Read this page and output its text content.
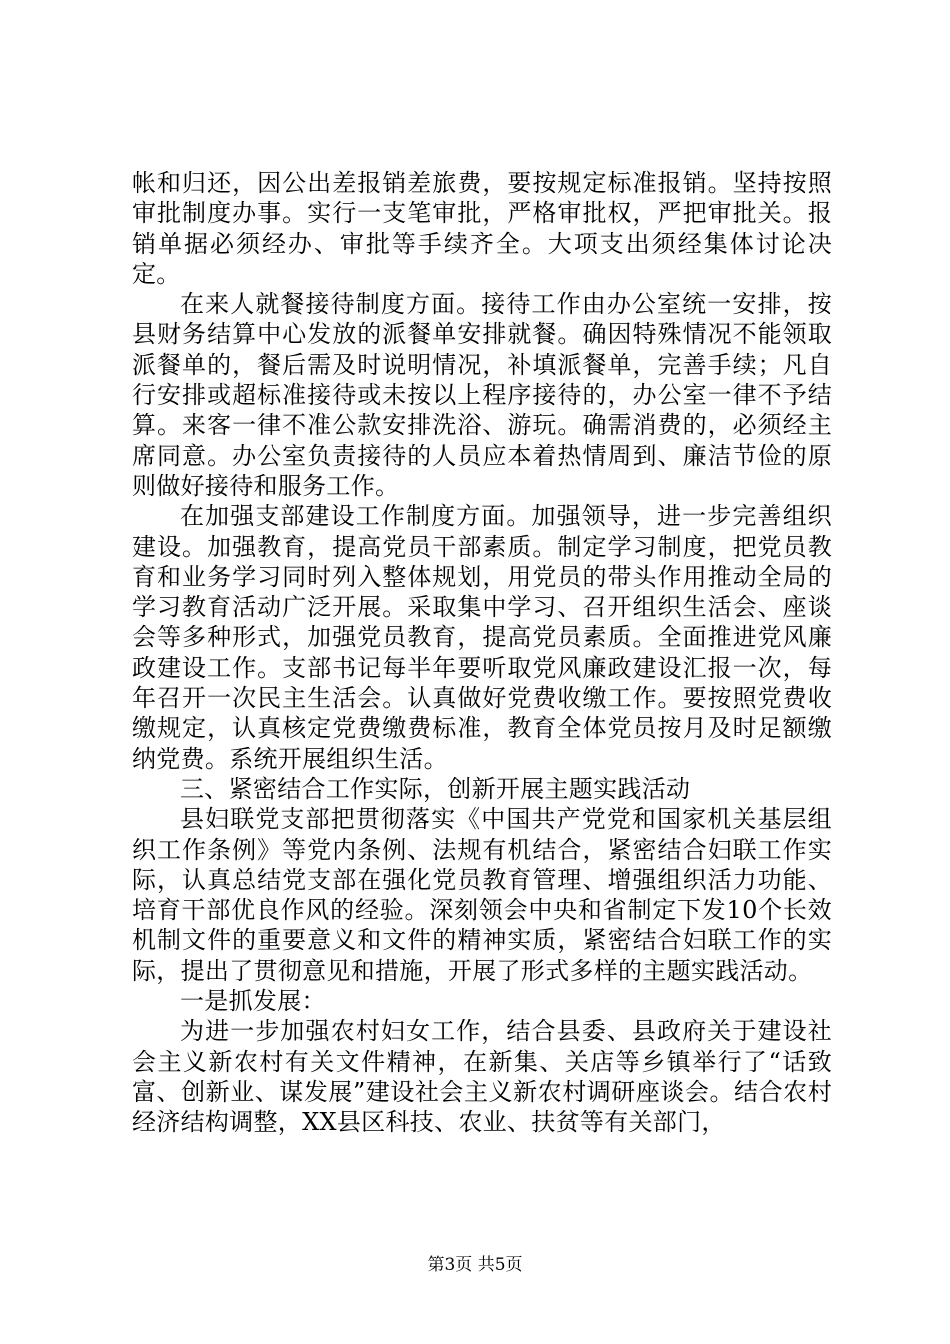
帐和归还，因公出差报销差旅费，要按规定标准报销。坚持按照审批制度办事。实行一支笔审批，严格审批权，严把审批关。报销单据必须经办、审批等手续齐全。大项支出须经集体讨论决定。

在来人就餐接待制度方面。接待工作由办公室统一安排，按县财务结算中心发放的派餐单安排就餐。确因特殊情况不能领取派餐单的，餐后需及时说明情况，补填派餐单，完善手续；凡自行安排或超标准接待或未按以上程序接待的，办公室一律不予结算。来客一律不准公款安排洗浴、游玩。确需消费的，必须经主席同意。办公室负责接待的人员应本着热情周到、廉洁节俭的原则做好接待和服务工作。

在加强支部建设工作制度方面。加强领导，进一步完善组织建设。加强教育，提高党员干部素质。制定学习制度，把党员教育和业务学习同时列入整体规划，用党员的带头作用推动全局的学习教育活动广泛开展。采取集中学习、召开组织生活会、座谈会等多种形式，加强党员教育，提高党员素质。全面推进党风廉政建设工作。支部书记每半年要听取党风廉政建设汇报一次，每年召开一次民主生活会。认真做好党费收缴工作。要按照党费收缴规定，认真核定党费缴费标准，教育全体党员按月及时足额缴纳党费。系统开展组织生活。

三、紧密结合工作实际，创新开展主题实践活动

县妇联党支部把贯彻落实《中国共产党党和国家机关基层组织工作条例》等党内条例、法规有机结合，紧密结合妇联工作实际，认真总结党支部在强化党员教育管理、增强组织活力功能、培育干部优良作风的经验。深刻领会中央和省制定下发10个长效机制文件的重要意义和文件的精神实质，紧密结合妇联工作的实际，提出了贯彻意见和措施，开展了形式多样的主题实践活动。

一是抓发展：

为进一步加强农村妇女工作，结合县委、县政府关于建设社会主义新农村有关文件精神，在新集、关店等乡镇举行了“话致富、创新业、谋发展”建设社会主义新农村调研座谈会。结合农村经济结构调整，XX县区科技、农业、扶贫等有关部门，

第3页 共5页
